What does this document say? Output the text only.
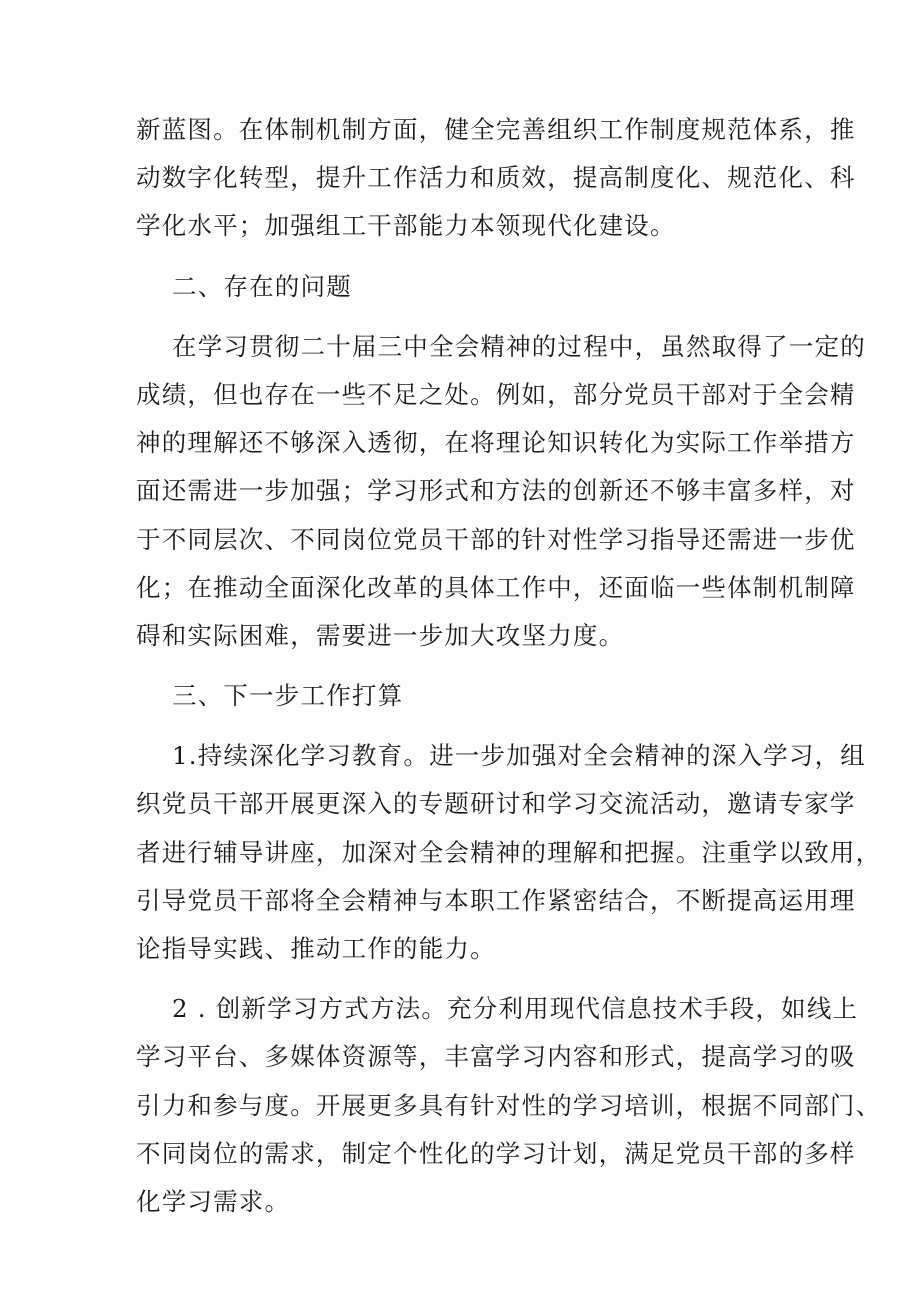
新蓝图。在体制机制方面，健全完善组织工作制度规范体系，推
动数字化转型，提升工作活力和质效，提高制度化、规范化、科
学化水平；加强组工干部能力本领现代化建设。
二、存在的问题
在学习贯彻二十届三中全会精神的过程中，虽然取得了一定的
成绩，但也存在一些不足之处。例如，部分党员干部对于全会精
神的理解还不够深入透彻，在将理论知识转化为实际工作举措方
面还需进一步加强；学习形式和方法的创新还不够丰富多样，对
于不同层次、不同岗位党员干部的针对性学习指导还需进一步优
化；在推动全面深化改革的具体工作中，还面临一些体制机制障
碍和实际困难，需要进一步加大攻坚力度。
三、下一步工作打算
1.持续深化学习教育。进一步加强对全会精神的深入学习，组
织党员干部开展更深入的专题研讨和学习交流活动，邀请专家学
者进行辅导讲座，加深对全会精神的理解和把握。注重学以致用，
引导党员干部将全会精神与本职工作紧密结合，不断提高运用理
论指导实践、推动工作的能力。
2 . 创新学习方式方法。充分利用现代信息技术手段，如线上
学习平台、多媒体资源等，丰富学习内容和形式，提高学习的吸
引力和参与度。开展更多具有针对性的学习培训，根据不同部门、
不同岗位的需求，制定个性化的学习计划，满足党员干部的多样
化学习需求。
